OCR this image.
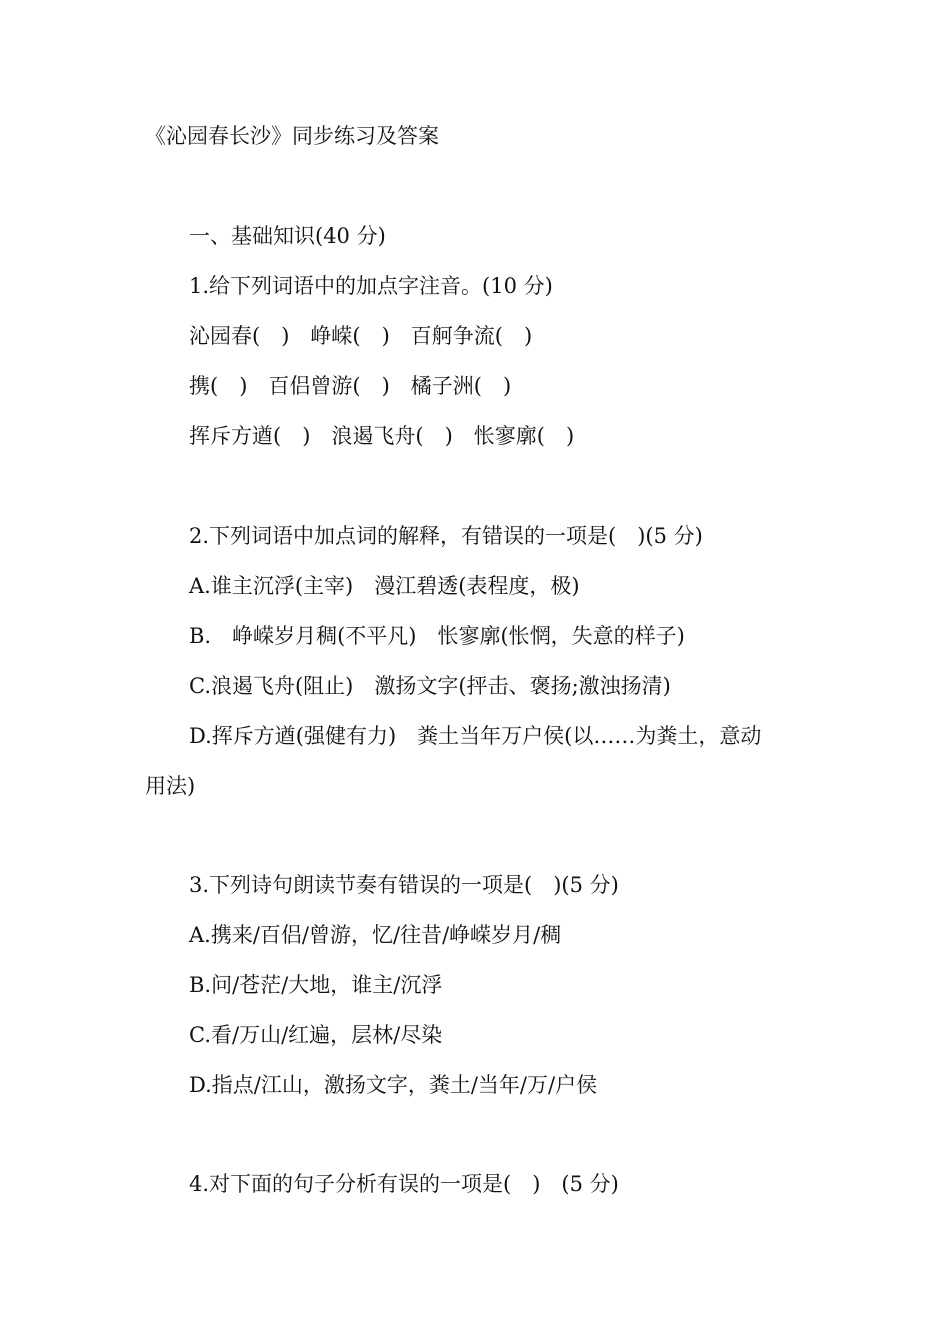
《沁园春长沙》同步练习及答案

一、基础知识(40 分)

1.给下列词语中的加点字注音。(10 分)

沁园春(　)　峥嵘(　)　百舸争流(　)

携(　)　百侣曾游(　)　橘子洲(　)

挥斥方遒(　)　浪遏飞舟(　)　怅寥廓(　)

2.下列词语中加点词的解释，有错误的一项是(　)(5 分)

A.谁主沉浮(主宰)　漫江碧透(表程度，极)

B.　峥嵘岁月稠(不平凡)　怅寥廓(怅惘，失意的样子)

C.浪遏飞舟(阻止)　激扬文字(抨击、褒扬;激浊扬清)

D.挥斥方遒(强健有力)　粪土当年万户侯(以……为粪土，意动

用法)

3.下列诗句朗读节奏有错误的一项是(　)(5 分)

A.携来/百侣/曾游，忆/往昔/峥嵘岁月/稠

B.问/苍茫/大地，谁主/沉浮

C.看/万山/红遍，层林/尽染

D.指点/江山，激扬文字，粪土/当年/万/户侯

4.对下面的句子分析有误的一项是(　)　(5 分)
